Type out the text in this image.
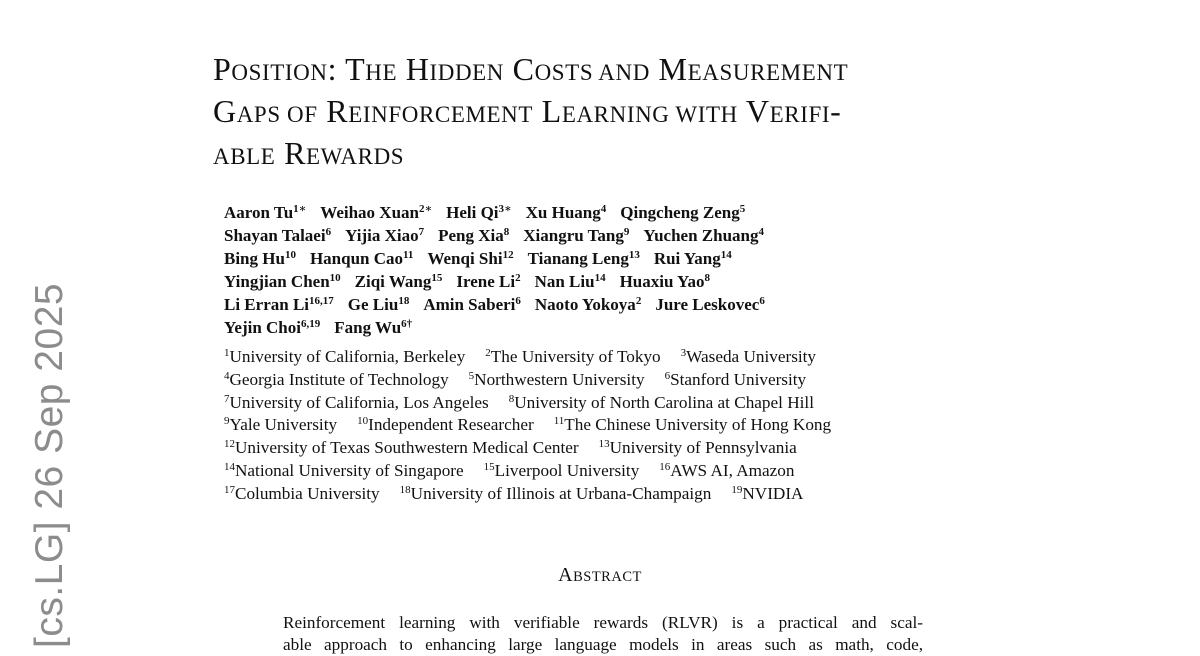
[cs.LG] 26 Sep 2025
POSITION: THE HIDDEN COSTS AND MEASUREMENT
GAPS OF REINFORCEMENT LEARNING WITH VERIFI-
ABLE REWARDS
Aaron $Tu^{1∗}$ Weihao Xuan$^{2∗}$ Heli $Qi^{3∗}$ Xu Huang$^4$ Qingcheng Zeng$^5$
Shayan Talaei$^6$ Yijia Xiao$^7$ Peng Xia$^8$ Xiangru Tang$^9$ Yuchen Zhuang$^4$
Bing Hu$^{10}$ Hanqun Cao$^{11}$ Wenqi Shi$^{12}$ Tianang Leng$^{13}$ Rui Yang$^{14}$
Yingjian Chen$^{10}$ Ziqi Wang$^{15}$ Irene Li$^2$ Nan Liu$^{14}$ Huaxiu Yao$^8$
Li Erran Li$^{16,17}$ Ge Liu$^{18}$ Amin Saberi$^6$ Naoto Yokoya$^2$ Jure Leskovec$^6$
Yejin Choi$^{6,19}$ Fang $Wu^{6\dagger}$
$^1$University of California, Berkeley $^2$The University of Tokyo $^3$Waseda University
$^4$Georgia Institute of Technology $^5$Northwestern University $^6$Stanford University
$^7$University of California, Los Angeles $^8$University of North Carolina at Chapel Hill
$^9$Yale University $^{10}$Independent Researcher $^{11}$The Chinese University of Hong Kong
$^{12}$University of Texas Southwestern Medical Center $^{13}$University of Pennsylvania
$^{14}$National University of Singapore $^{15}$Liverpool University $^{16}$AWS AI, Amazon
$^{17}$Columbia University $^{18}$University of Illinois at Urbana-Champaign $^{19}$NVIDIA
ABSTRACT
Reinforcement learning with verifiable rewards (RLVR) is a practical and scal-
able approach to enhancing large language models in areas such as math, code,
